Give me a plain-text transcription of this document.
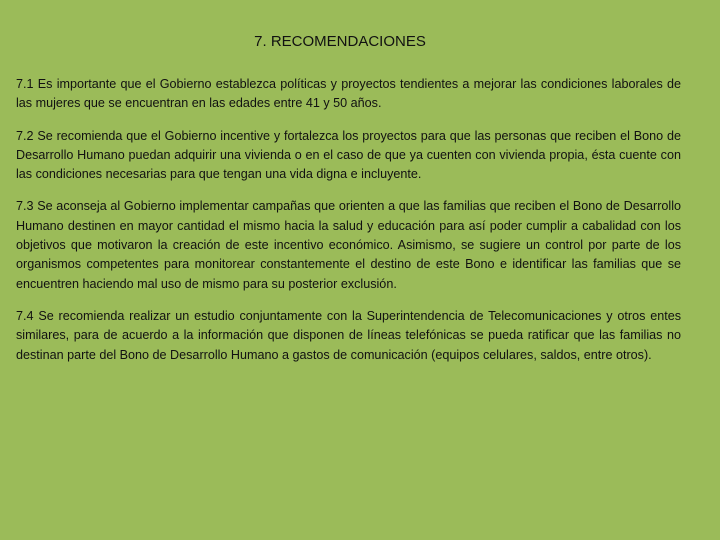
7. RECOMENDACIONES

7.1 Es importante que el Gobierno establezca políticas y proyectos tendientes a mejorar las condiciones laborales de las mujeres que se encuentran en las edades entre 41 y 50 años.

7.2 Se recomienda que el Gobierno incentive y fortalezca los proyectos para que las personas que reciben el Bono de Desarrollo Humano puedan adquirir una vivienda o en el caso de que ya cuenten con vivienda propia, ésta cuente con las condiciones necesarias para que tengan una vida digna e incluyente.

7.3 Se aconseja al Gobierno implementar campañas que orienten a que las familias que reciben el Bono de Desarrollo Humano destinen en mayor cantidad el mismo hacia la salud y educación para así poder cumplir a cabalidad con los objetivos que motivaron la creación de este incentivo económico. Asimismo, se sugiere un control por parte de los organismos competentes para monitorear constantemente el destino de este Bono e identificar las familias que se encuentren haciendo mal uso de mismo para su posterior exclusión.

7.4 Se recomienda realizar un estudio conjuntamente con la Superintendencia de Telecomunicaciones y otros entes similares, para de acuerdo a la información que disponen de líneas telefónicas se pueda ratificar que las familias no destinan parte del Bono de Desarrollo Humano a gastos de comunicación (equipos celulares, saldos, entre otros).
